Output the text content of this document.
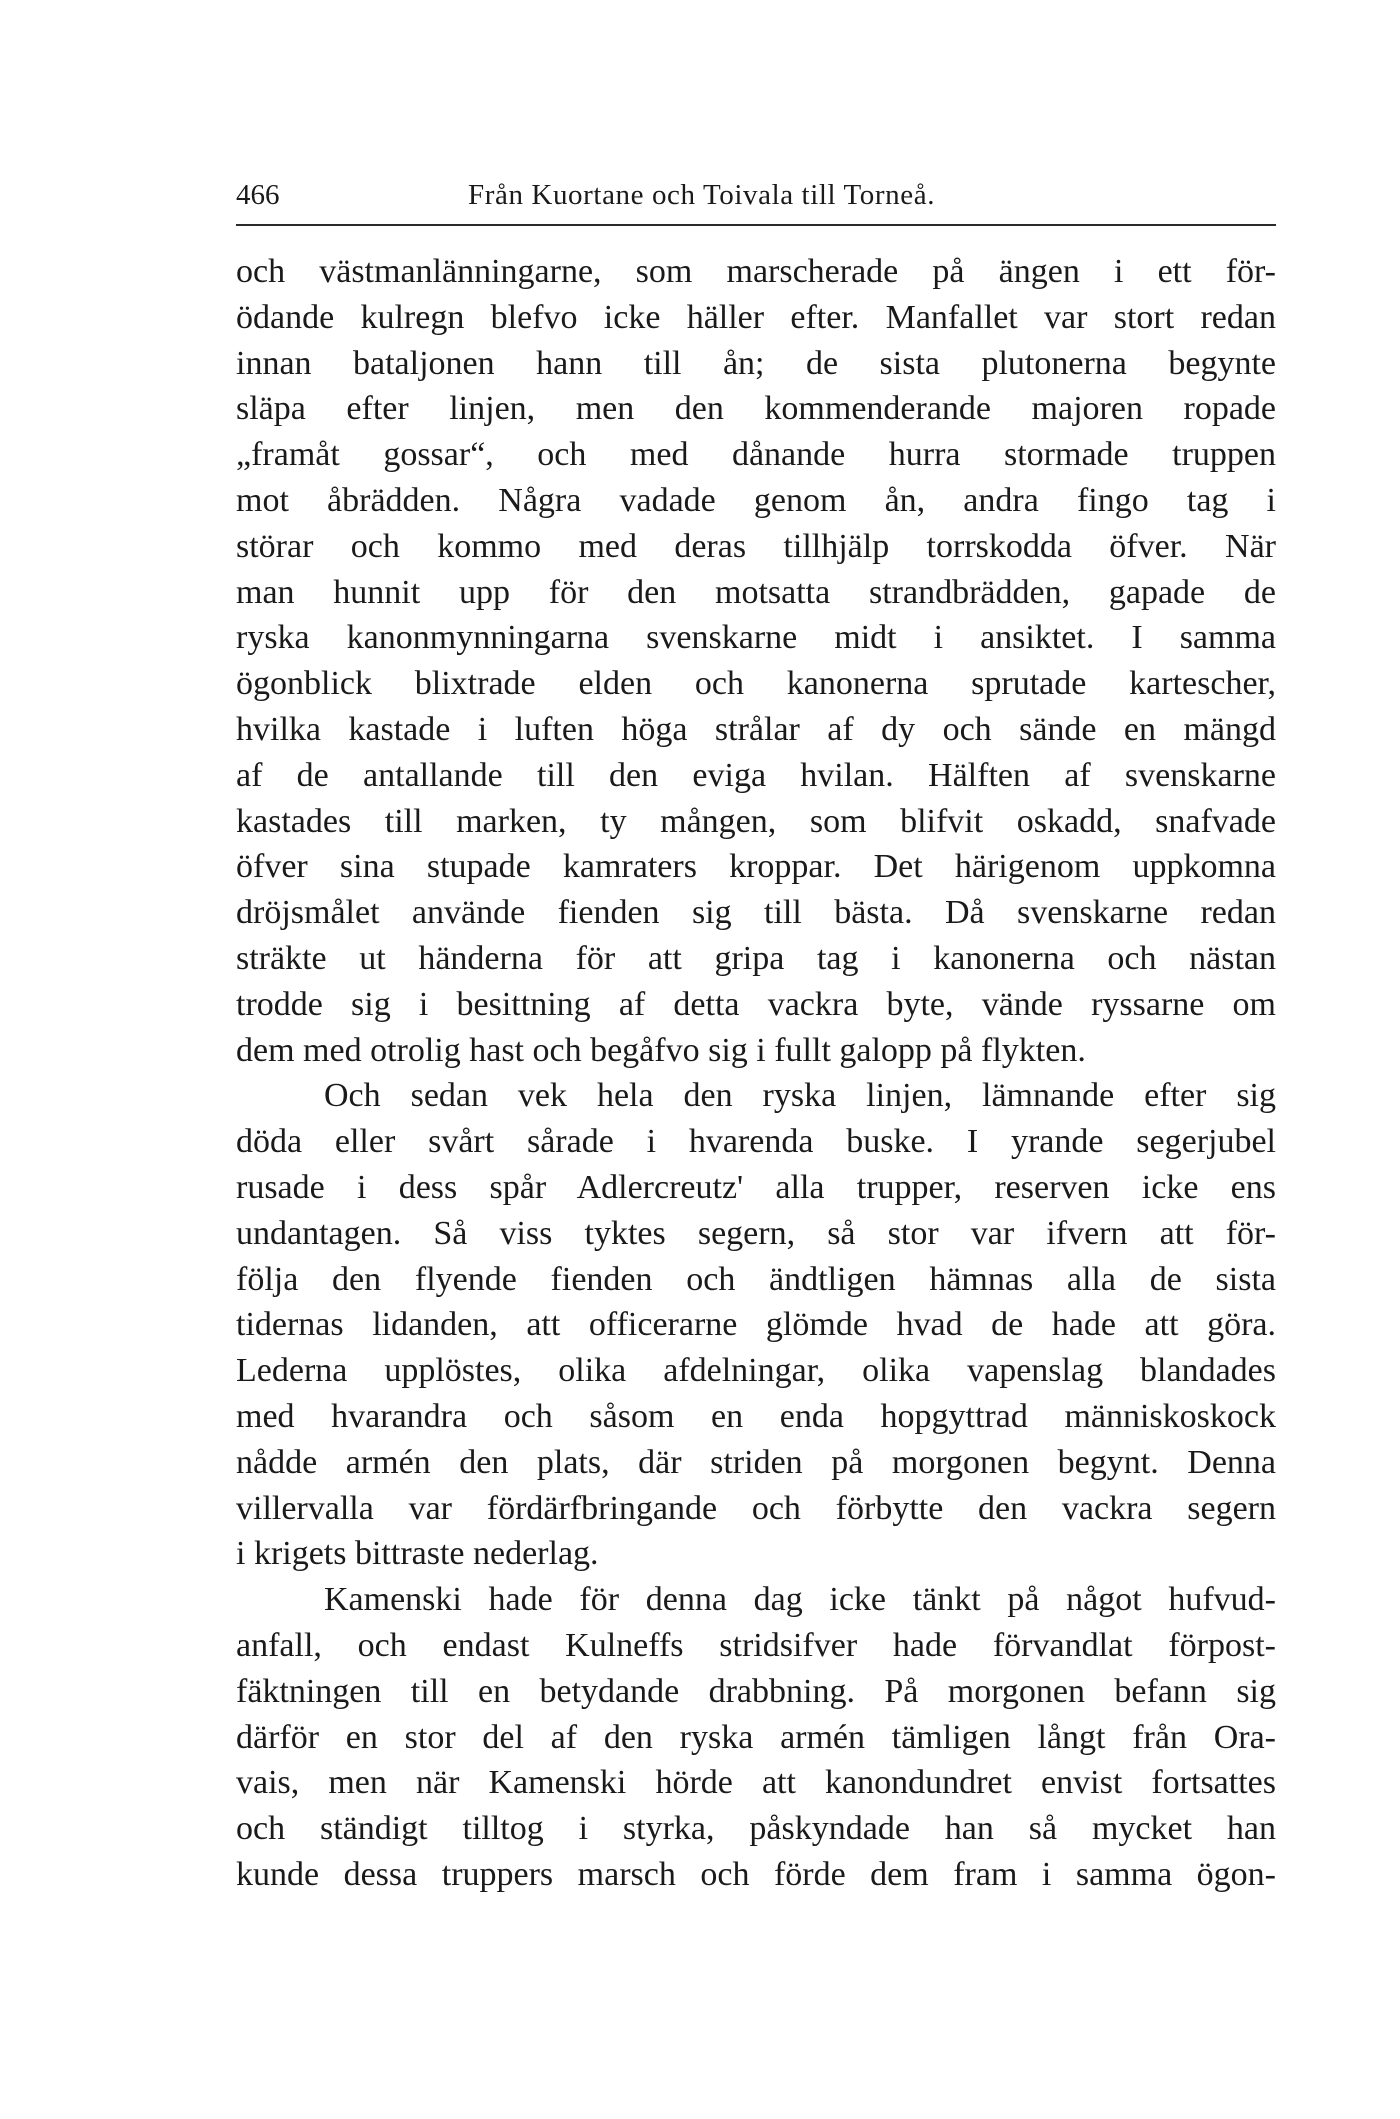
466	Från Kuortane och Toivala till Torneå.
och västmanlänningarne, som marscherade på ängen i ett för-
ödande kulregn blefvo icke häller efter. Manfallet var stort redan
innan bataljonen hann till ån; de sista plutonerna begynte
släpa efter linjen, men den kommenderande majoren ropade
„framåt gossar“, och med dånande hurra stormade truppen
mot åbrädden. Några vadade genom ån, andra fingo tag i
störar och kommo med deras tillhjälp torrskodda öfver. När
man hunnit upp för den motsatta strandbrädden, gapade de
ryska kanonmynningarna svenskarne midt i ansiktet. I samma
ögonblick blixtrade elden och kanonerna sprutade kartescher,
hvilka kastade i luften höga strålar af dy och sände en mängd
af de antallande till den eviga hvilan. Hälften af svenskarne
kastades till marken, ty mången, som blifvit oskadd, snafvade
öfver sina stupade kamraters kroppar. Det härigenom uppkomna
dröjsmålet använde fienden sig till bästa. Då svenskarne redan
sträkte ut händerna för att gripa tag i kanonerna och nästan
trodde sig i besittning af detta vackra byte, vände ryssarne om
dem med otrolig hast och begåfvo sig i fullt galopp på flykten.
Och sedan vek hela den ryska linjen, lämnande efter sig
döda eller svårt sårade i hvarenda buske. I yrande segerjubel
rusade i dess spår Adlercreutz' alla trupper, reserven icke ens
undantagen. Så viss tyktes segern, så stor var ifvern att för-
följa den flyende fienden och ändtligen hämnas alla de sista
tidernas lidanden, att officerarne glömde hvad de hade att göra.
Lederna upplöstes, olika afdelningar, olika vapenslag blandades
med hvarandra och såsom en enda hopgyttrad människoskock
nådde armén den plats, där striden på morgonen begynt. Denna
villervalla var fördärfbringande och förbytte den vackra segern
i krigets bittraste nederlag.
Kamenski hade för denna dag icke tänkt på något hufvud-
anfall, och endast Kulneffs stridsifver hade förvandlat förpost-
fäktningen till en betydande drabbning. På morgonen befann sig
därför en stor del af den ryska armén tämligen långt från Ora-
vais, men när Kamenski hörde att kanondundret envist fortsattes
och ständigt tilltog i styrka, påskyndade han så mycket han
kunde dessa truppers marsch och förde dem fram i samma ögon-
